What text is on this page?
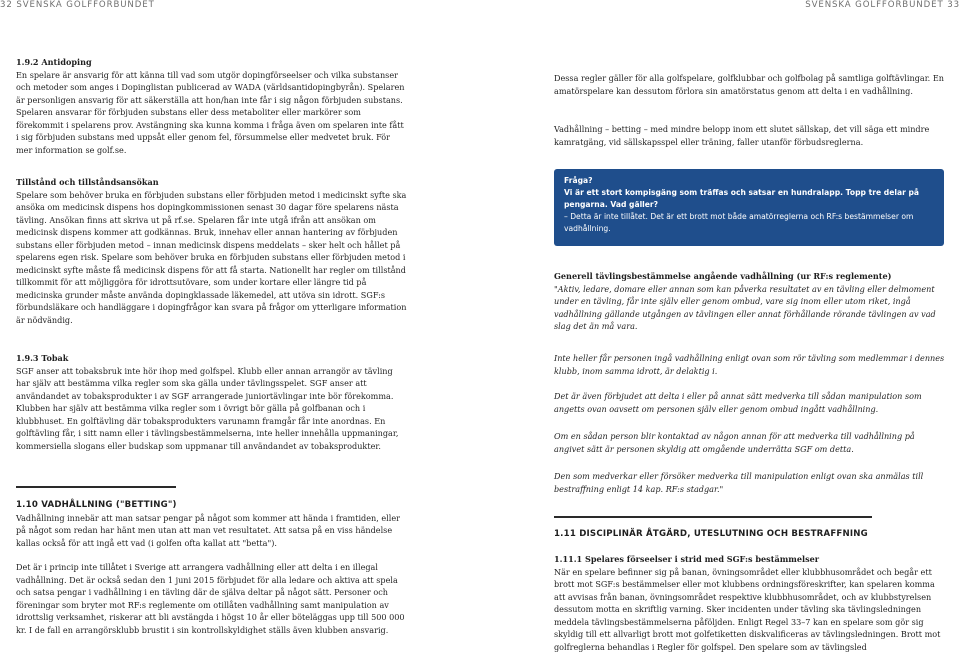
32 SVENSKA GOLFFÖRBUNDET	SVENSKA GOLFFÖRBUNDET 33
1.9.2 Antidoping
En spelare är ansvarig för att känna till vad som utgör dopingförseelser och vilka substanser och metoder som anges i Dopinglistan publicerad av WADA (världsantidopingbyrån). Spelaren är personligen ansvarig för att säkerställa att hon/han inte får i sig någon förbjuden substans. Spelaren ansvarar för förbjuden substans eller dess metaboliter eller markörer som förekommit i spelarens prov. Avstängning ska kunna komma i fråga även om spelaren inte fått i sig förbjuden substans med uppsåt eller genom fel, försummelse eller medvetet bruk. För mer information se golf.se.
Tillstånd och tillståndsansökan
Spelare som behöver bruka en förbjuden substans eller förbjuden metod i medicinskt syfte ska ansöka om medicinsk dispens hos dopingkommissionen senast 30 dagar före spelarens nästa tävling. Ansökan finns att skriva ut på rf.se. Spelaren får inte utgå ifrån att ansökan om medicinsk dispens kommer att godkännas. Bruk, innehav eller annan hantering av förbjuden substans eller förbjuden metod – innan medicinsk dispens meddelats – sker helt och hållet på spelarens egen risk. Spelare som behöver bruka en förbjuden substans eller förbjuden metod i medicinskt syfte måste få medicinsk dispens för att få starta. Nationellt har regler om tillstånd tillkommit för att möjliggöra för idrottsutövare, som under kortare eller längre tid på medicinska grunder måste använda dopingklassade läkemedel, att utöva sin idrott. SGF:s förbundsläkare och handläggare i dopingfrågor kan svara på frågor om ytterligare information är nödvändig.
1.9.3 Tobak
SGF anser att tobaksbruk inte hör ihop med golfspel. Klubb eller annan arrangör av tävling har själv att bestämma vilka regler som ska gälla under tävlingsspelet. SGF anser att användandet av tobaksprodukter i av SGF arrangerade juniortävlingar inte bör förekomma. Klubben har själv att bestämma vilka regler som i övrigt bör gälla på golfbanan och i klubbhuset. En golftävling där tobaksprodukters varunamn framgår får inte anordnas. En golftävling får, i sitt namn eller i tävlingsbestämmelserna, inte heller innehålla uppmaningar, kommersiella slogans eller budskap som uppmanar till användandet av tobaksprodukter.
1.10 VADHÅLLNING ("BETTING")
Vadhållning innebär att man satsar pengar på något som kommer att hända i framtiden, eller på något som redan har hänt men utan att man vet resultatet. Att satsa på en viss händelse kallas också för att ingå ett vad (i golfen ofta kallat att "betta").
Det är i princip inte tillåtet i Sverige att arrangera vadhållning eller att delta i en illegal vadhållning. Det är också sedan den 1 juni 2015 förbjudet för alla ledare och aktiva att spela och satsa pengar i vadhållning i en tävling där de själva deltar på något sätt. Personer och föreningar som bryter mot RF:s reglemente om otillåten vadhållning samt manipulation av idrottslig verksamhet, riskerar att bli avstängda i högst 10 år eller böteläggas upp till 500 000 kr. I de fall en arrangörsklubb brustit i sin kontrollskyldighet ställs även klubben ansvarig.
Dessa regler gäller för alla golfspelare, golfklubbar och golfbolag på samtliga golftävlingar. En amatörspelare kan dessutom förlora sin amatörstatus genom att delta i en vadhållning.
Vadhållning – betting – med mindre belopp inom ett slutet sällskap, det vill säga ett mindre kamratgäng, vid sällskapsspel eller träning, faller utanför förbudsreglerna.
Fråga?
Vi är ett stort kompisgäng som träffas och satsar en hundralapp. Topp tre delar på pengarna. Vad gäller?
– Detta är inte tillåtet. Det är ett brott mot både amatörreglerna och RF:s bestämmelser om vadhållning.
Generell tävlingsbestämmelse angående vadhållning (ur RF:s reglemente)
"Aktiv, ledare, domare eller annan som kan påverka resultatet av en tävling eller delmoment under en tävling, får inte själv eller genom ombud, vare sig inom eller utom riket, ingå vadhållning gällande utgången av tävlingen eller annat förhållande rörande tävlingen av vad slag det än må vara.
Inte heller får personen ingå vadhållning enligt ovan som rör tävling som medlemmar i dennes klubb, inom samma idrott, är delaktig i.
Det är även förbjudet att delta i eller på annat sätt medverka till sådan manipulation som angetts ovan oavsett om personen själv eller genom ombud ingått vadhållning.
Om en sådan person blir kontaktad av någon annan för att medverka till vadhållning på angivet sätt är personen skyldig att omgående underrätta SGF om detta.
Den som medverkar eller försöker medverka till manipulation enligt ovan ska anmälas till bestraffning enligt 14 kap. RF:s stadgar."
1.11 DISCIPLINÄR ÅTGÄRD, UTESLUTNING OCH BESTRAFFNING
1.11.1 Spelares förseelser i strid med SGF:s bestämmelser
När en spelare befinner sig på banan, övningsområdet eller klubbhusområdet och begår ett brott mot SGF:s bestämmelser eller mot klubbens ordningsföreskrifter, kan spelaren komma att avvisas från banan, övningsområdet respektive klubbhusområdet, och av klubbstyrelsen dessutom motta en skriftlig varning. Sker incidenten under tävling ska tävlingsledningen meddela tävlingsbestämmelserna påföljden. Enligt Regel 33–7 kan en spelare som gör sig skyldig till ett allvarligt brott mot golfetiketten diskvalificeras av tävlingsledningen. Brott mot golfreglerna behandlas i Regler för golfspel. Den spelare som av tävlingsled
